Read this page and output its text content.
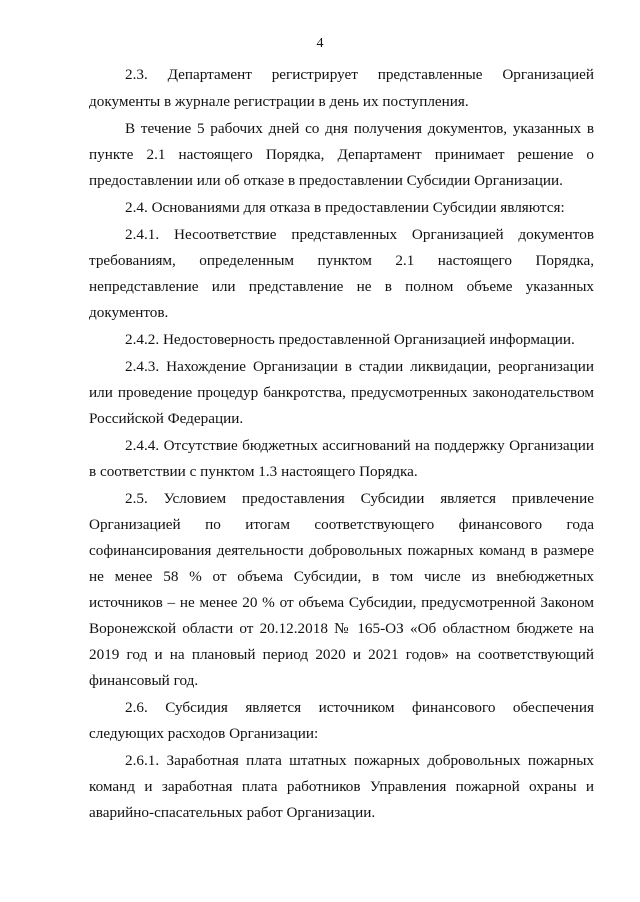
4

2.3. Департамент регистрирует представленные Организацией

документы в журнале регистрации в день их поступления.

В течение 5 рабочих дней со дня получения документов, указанных в пункте 2.1 настоящего Порядка, Департамент принимает решение о предоставлении или об отказе в предоставлении Субсидии Организации.

2.4. Основаниями для отказа в предоставлении Субсидии являются:

2.4.1. Несоответствие представленных Организацией документов требованиям, определенным пунктом 2.1 настоящего Порядка, непредставление или представление не в полном объеме указанных документов.

2.4.2. Недостоверность предоставленной Организацией информации.

2.4.3. Нахождение Организации в стадии ликвидации, реорганизации или проведение процедур банкротства, предусмотренных законодательством Российской Федерации.

2.4.4. Отсутствие бюджетных ассигнований на поддержку Организации в соответствии с пунктом 1.3 настоящего Порядка.

2.5. Условием предоставления Субсидии является привлечение Организацией по итогам соответствующего финансового года софинансирования деятельности добровольных пожарных команд в размере не менее 58 % от объема Субсидии, в том числе из внебюджетных источников – не менее 20 % от объема Субсидии, предусмотренной Законом Воронежской области от 20.12.2018 № 165-ОЗ «Об областном бюджете на 2019 год и на плановый период 2020 и 2021 годов» на соответствующий финансовый год.

2.6. Субсидия является источником финансового обеспечения следующих расходов Организации:

2.6.1. Заработная плата штатных пожарных добровольных пожарных команд и заработная плата работников Управления пожарной охраны и аварийно-спасательных работ Организации.
